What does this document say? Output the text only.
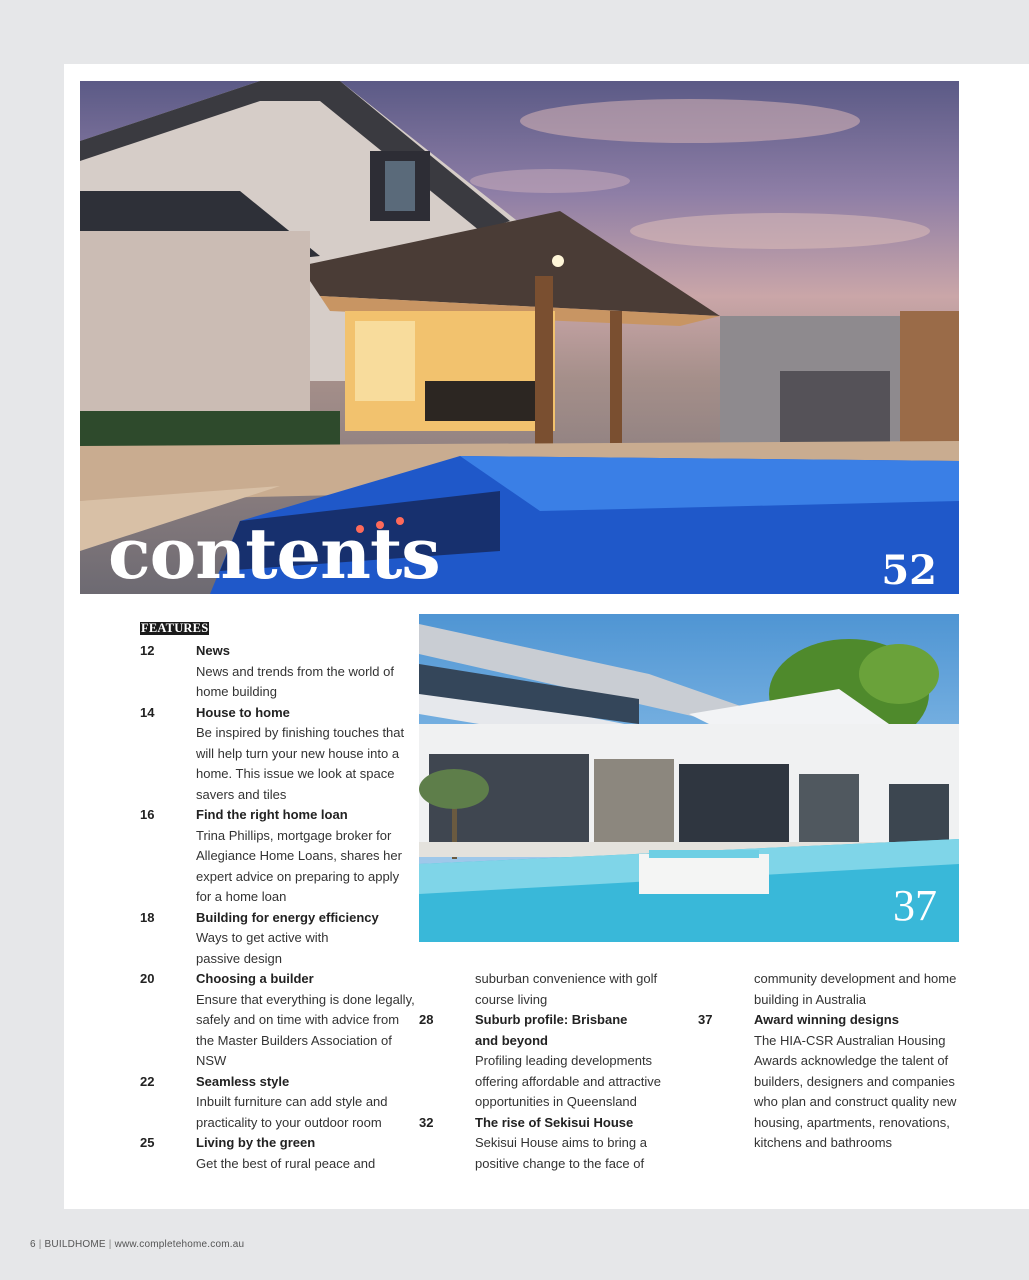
contents	52
37
FEATURES
12	News
News and trends from the world of home building
14	House to home
Be inspired by finishing touches that will help turn your new house into a home. This issue we look at space savers and tiles
16	Find the right home loan
Trina Phillips, mortgage broker for Allegiance Home Loans, shares her expert advice on preparing to apply for a home loan
18	Building for energy efficiency
Ways to get active with passive design
20	Choosing a builder
Ensure that everything is done legally, safely and on time with advice from the Master Builders Association of NSW
22	Seamless style
Inbuilt furniture can add style and practicality to your outdoor room
25	Living by the green
Get the best of rural peace and
suburban convenience with golf course living
28	Suburb profile: Brisbane and beyond
Profiling leading developments offering affordable and attractive opportunities in Queensland
32	The rise of Sekisui House
Sekisui House aims to bring a positive change to the face of
community development and home building in Australia
37	Award winning designs
The HIA-CSR Australian Housing Awards acknowledge the talent of builders, designers and companies who plan and construct quality new housing, apartments, renovations, kitchens and bathrooms
6 | BUILDHOME | www.completehome.com.au
